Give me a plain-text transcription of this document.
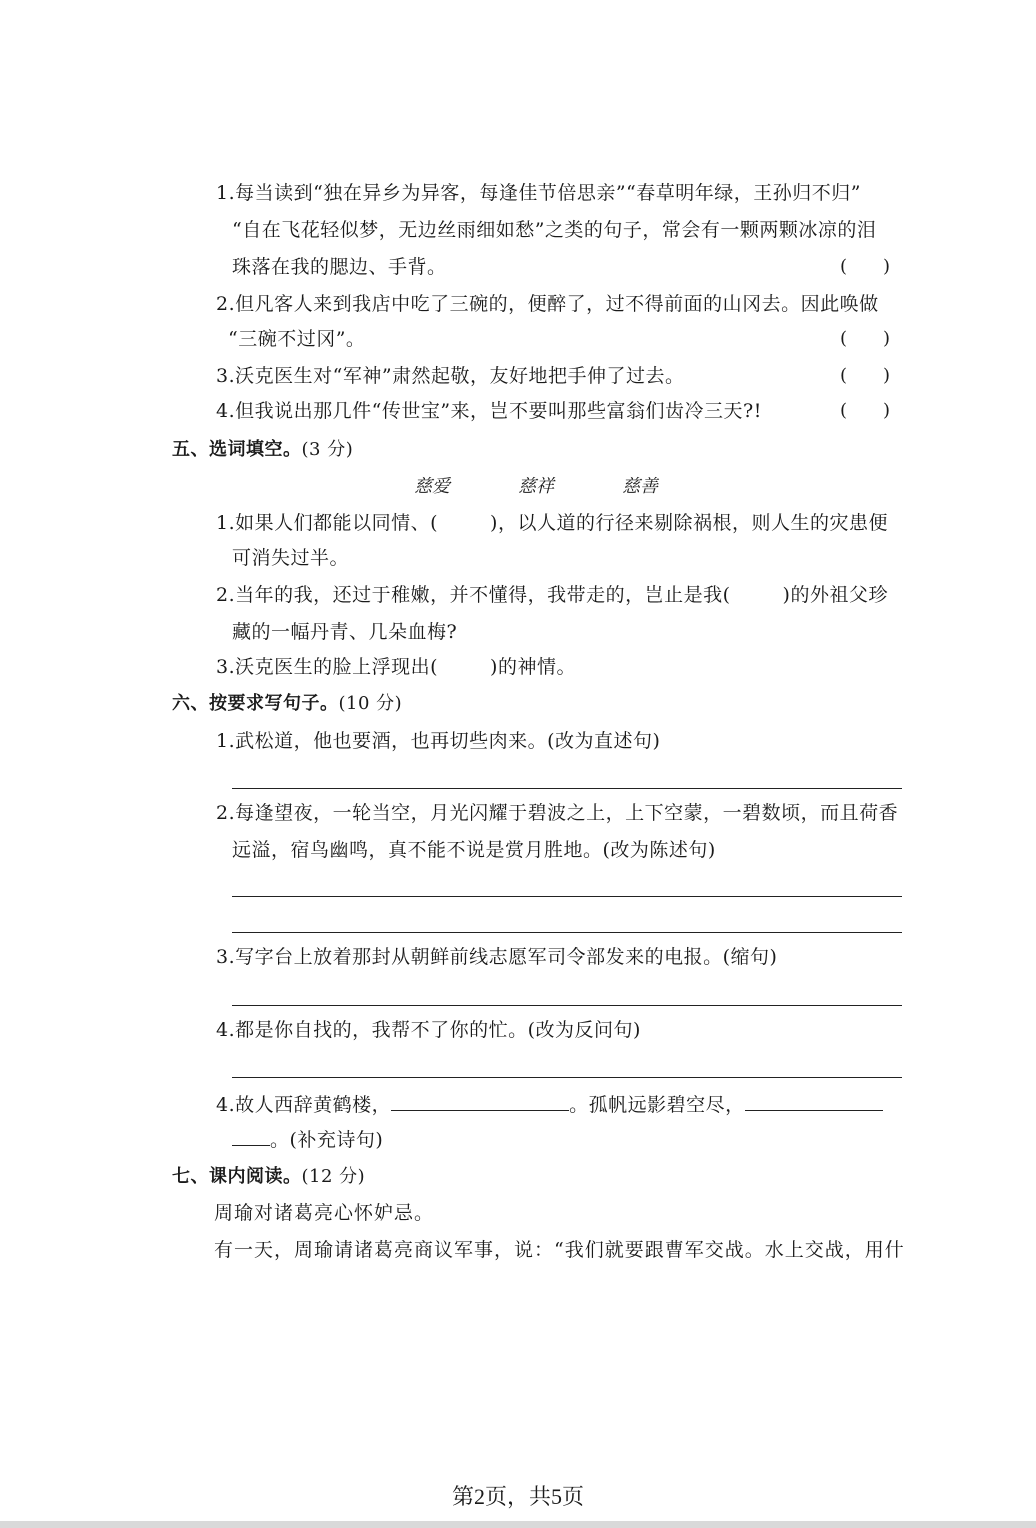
1.每当读到“独在异乡为异客，每逢佳节倍思亲”“春草明年绿，王孙归不归”
“自在飞花轻似梦，无边丝雨细如愁”之类的句子，常会有一颗两颗冰凉的泪
珠落在我的腮边、手背。	(　　)
2.但凡客人来到我店中吃了三碗的，便醉了，过不得前面的山冈去。因此唤做
“三碗不过冈”。	(　　)
3.沃克医生对“军神”肃然起敬，友好地把手伸了过去。	(　　)
4.但我说出那几件“传世宝”来，岂不要叫那些富翁们齿冷三天?!	(　　)
五、选词填空。(3 分)
慈爱	慈祥	慈善
1.如果人们都能以同情、(	)，以人道的行径来剔除祸根，则人生的灾患便
可消失过半。
2.当年的我，还过于稚嫩，并不懂得，我带走的，岂止是我(	)的外祖父珍
藏的一幅丹青、几朵血梅?
3.沃克医生的脸上浮现出(	)的神情。
六、按要求写句子。(10 分)
1.武松道，他也要酒，也再切些肉来。(改为直述句)
2.每逢望夜，一轮当空，月光闪耀于碧波之上，上下空蒙，一碧数顷，而且荷香
远溢，宿鸟幽鸣，真不能不说是赏月胜地。(改为陈述句)
3.写字台上放着那封从朝鲜前线志愿军司令部发来的电报。(缩句)
4.都是你自找的，我帮不了你的忙。(改为反问句)
4.故人西辞黄鹤楼，	。孤帆远影碧空尽，
。(补充诗句)
七、课内阅读。(12 分)
周瑜对诸葛亮心怀妒忌。
有一天，周瑜请诸葛亮商议军事，说：“我们就要跟曹军交战。水上交战，用什
第2页，共5页
